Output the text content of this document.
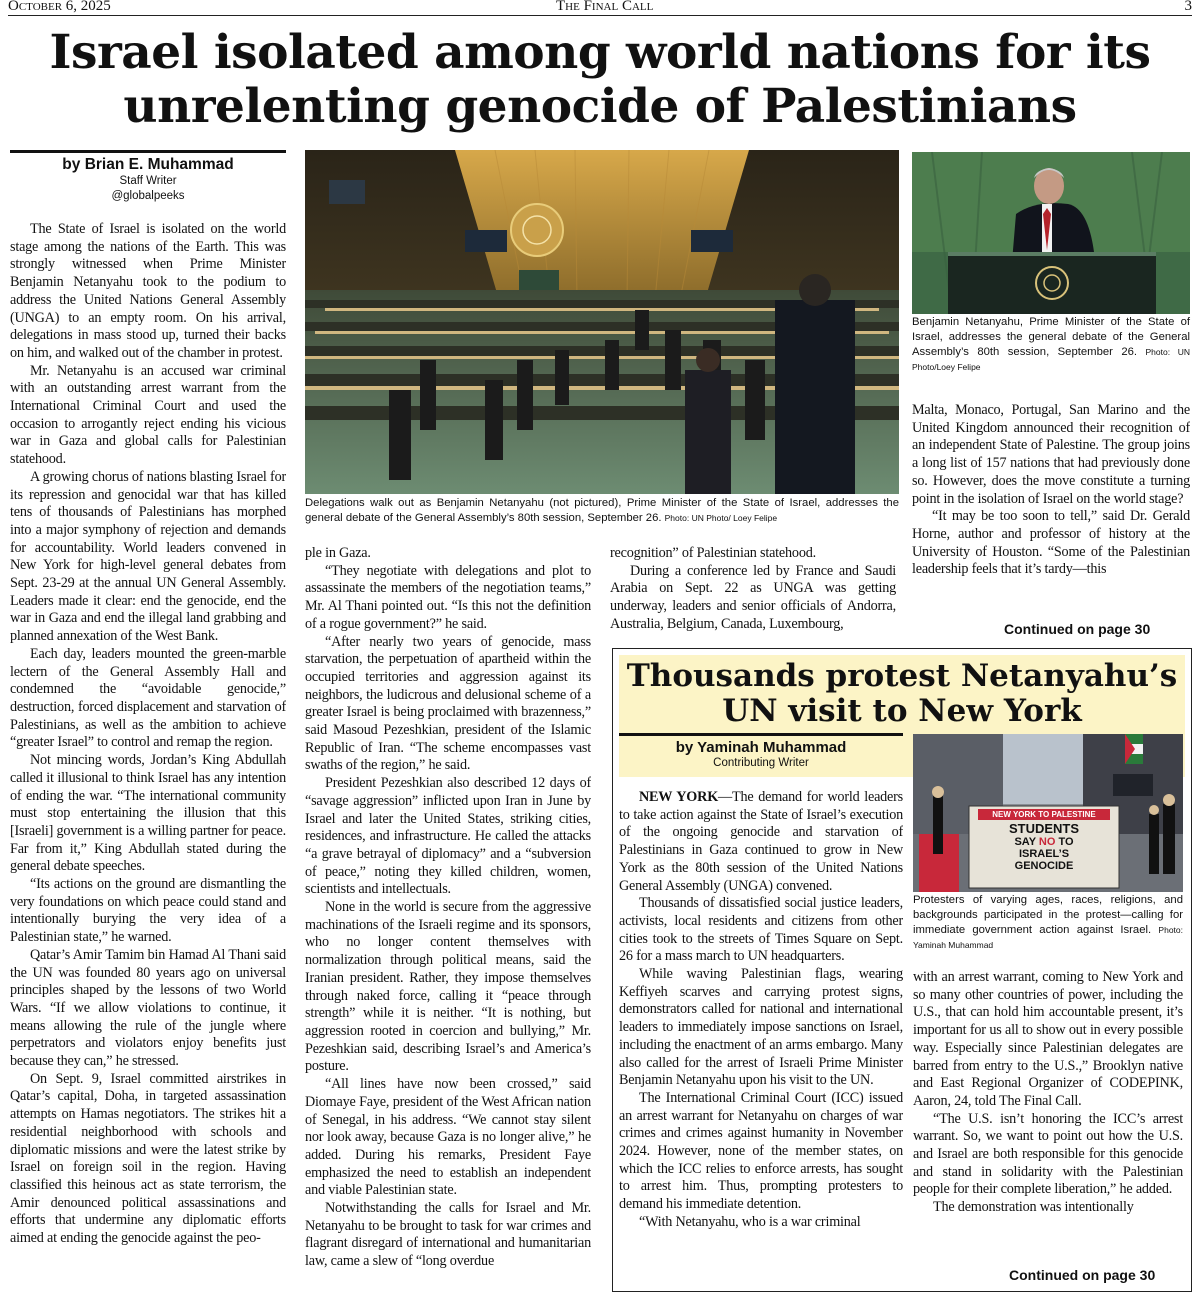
October 6, 2025	The Final Call	3
Israel isolated among world nations for its
unrelenting genocide of Palestinians
by Brian E. Muhammad
Staff Writer
@globalpeeks

The State of Israel is isolated on the world stage among the nations of the Earth. This was strongly witnessed when Prime Minister Benjamin Netanyahu took to the podium to address the United Nations General Assembly (UNGA) to an empty room. On his arrival, delegations in mass stood up, turned their backs on him, and walked out of the chamber in protest.

Mr. Netanyahu is an accused war criminal with an outstanding arrest warrant from the International Criminal Court and used the occasion to arrogantly reject ending his vicious war in Gaza and global calls for Palestinian statehood.

A growing chorus of nations blasting Israel for its repression and genocidal war that has killed tens of thousands of Palestinians has morphed into a major symphony of rejection and demands for accountability. World leaders convened in New York for high-level general debates from Sept. 23-29 at the annual UN General Assembly. Leaders made it clear: end the genocide, end the war in Gaza and end the illegal land grabbing and planned annexation of the West Bank.

Each day, leaders mounted the green-marble lectern of the General Assembly Hall and condemned the “avoidable genocide,” destruction, forced displacement and starvation of Palestinians, as well as the ambition to achieve “greater Israel” to control and remap the region.

Not mincing words, Jordan’s King Abdullah called it illusional to think Israel has any intention of ending the war. “The international community must stop entertaining the illusion that this [Israeli] government is a willing partner for peace. Far from it,” King Abdullah stated during the general debate speeches.

“Its actions on the ground are dismantling the very foundations on which peace could stand and intentionally burying the very idea of a Palestinian state,” he warned.

Qatar’s Amir Tamim bin Hamad Al Thani said the UN was founded 80 years ago on universal principles shaped by the lessons of two World Wars. “If we allow violations to continue, it means allowing the rule of the jungle where perpetrators and violators enjoy benefits just because they can,” he stressed.

On Sept. 9, Israel committed airstrikes in Qatar’s capital, Doha, in targeted assassination attempts on Hamas negotiators. The strikes hit a residential neighborhood with schools and diplomatic missions and were the latest strike by Israel on foreign soil in the region. Having classified this heinous act as state terrorism, the Amir denounced political assassinations and efforts that undermine any diplomatic efforts aimed at ending the genocide against the peo-

Delegations walk out as Benjamin Netanyahu (not pictured), Prime Minister of the State of Israel, addresses the general debate of the General Assembly’s 80th session, September 26. Photo: UN Photo/ Loey Felipe

ple in Gaza.

“They negotiate with delegations and plot to assassinate the members of the negotiation teams,” Mr. Al Thani pointed out. “Is this not the definition of a rogue government?” he said.

“After nearly two years of genocide, mass starvation, the perpetuation of apartheid within the occupied territories and aggression against its neighbors, the ludicrous and delusional scheme of a greater Israel is being proclaimed with brazenness,” said Masoud Pezeshkian, president of the Islamic Republic of Iran. “The scheme encompasses vast swaths of the region,” he said.

President Pezeshkian also described 12 days of “savage aggression” inflicted upon Iran in June by Israel and later the United States, striking cities, residences, and infrastructure. He called the attacks “a grave betrayal of diplomacy” and a “subversion of peace,” noting they killed children, women, scientists and intellectuals.

None in the world is secure from the aggressive machinations of the Israeli regime and its sponsors, who no longer content themselves with normalization through political means, said the Iranian president. Rather, they impose themselves through naked force, calling it “peace through strength” while it is neither. “It is nothing, but aggression rooted in coercion and bullying,” Mr. Pezeshkian said, describing Israel’s and America’s posture.

“All lines have now been crossed,” said Diomaye Faye, president of the West African nation of Senegal, in his address. “We cannot stay silent nor look away, because Gaza is no longer alive,” he added. During his remarks, President Faye emphasized the need to establish an independent and viable Palestinian state.

Notwithstanding the calls for Israel and Mr. Netanyahu to be brought to task for war crimes and flagrant disregard of international and humanitarian law, came a slew of “long overdue

recognition” of Palestinian statehood.

During a conference led by France and Saudi Arabia on Sept. 22 as UNGA was getting underway, leaders and senior officials of Andorra, Australia, Belgium, Canada, Luxembourg,

Benjamin Netanyahu, Prime Minister of the State of Israel, addresses the general debate of the General Assembly’s 80th session, September 26. Photo: UN Photo/Loey Felipe

Malta, Monaco, Portugal, San Marino and the United Kingdom announced their recognition of an independent State of Palestine. The group joins a long list of 157 nations that had previously done so. However, does the move constitute a turning point in the isolation of Israel on the world stage?

“It may be too soon to tell,” said Dr. Gerald Horne, author and professor of history at the University of Houston. “Some of the Palestinian leadership feels that it’s tardy—this

Continued on page 30
Thousands protest Netanyahu’s
UN visit to New York
by Yaminah Muhammad
Contributing Writer

NEW YORK—The demand for world leaders to take action against the State of Israel’s execution of the ongoing genocide and starvation of Palestinians in Gaza continued to grow in New York as the 80th session of the United Nations General Assembly (UNGA) convened.

Thousands of dissatisfied social justice leaders, activists, local residents and citizens from other cities took to the streets of Times Square on Sept. 26 for a mass march to UN headquarters.

While waving Palestinian flags, wearing Keffiyeh scarves and carrying protest signs, demonstrators called for national and international leaders to immediately impose sanctions on Israel, including the enactment of an arms embargo. Many also called for the arrest of Israeli Prime Minister Benjamin Netanyahu upon his visit to the UN.

The International Criminal Court (ICC) issued an arrest warrant for Netanyahu on charges of war crimes and crimes against humanity in November 2024. However, none of the member states, on which the ICC relies to enforce arrests, has sought to arrest him. Thus, prompting protesters to demand his immediate detention.

“With Netanyahu, who is a war criminal

NEW YORK TO PALESTINE
STUDENTS
SAY NO TO
ISRAEL’S
GENOCIDE
Protesters of varying ages, races, religions, and backgrounds participated in the protest—calling for immediate government action against Israel. Photo: Yaminah Muhammad

with an arrest warrant, coming to New York and so many other countries of power, including the U.S., that can hold him accountable present, it’s important for us all to show out in every possible way. Especially since Palestinian delegates are barred from entry to the U.S.,” Brooklyn native and East Regional Organizer of CODEPINK, Aaron, 24, told The Final Call.

“The U.S. isn’t honoring the ICC’s arrest warrant. So, we want to point out how the U.S. and Israel are both responsible for this genocide and stand in solidarity with the Palestinian people for their complete liberation,” he added.

The demonstration was intentionally

Continued on page 30
